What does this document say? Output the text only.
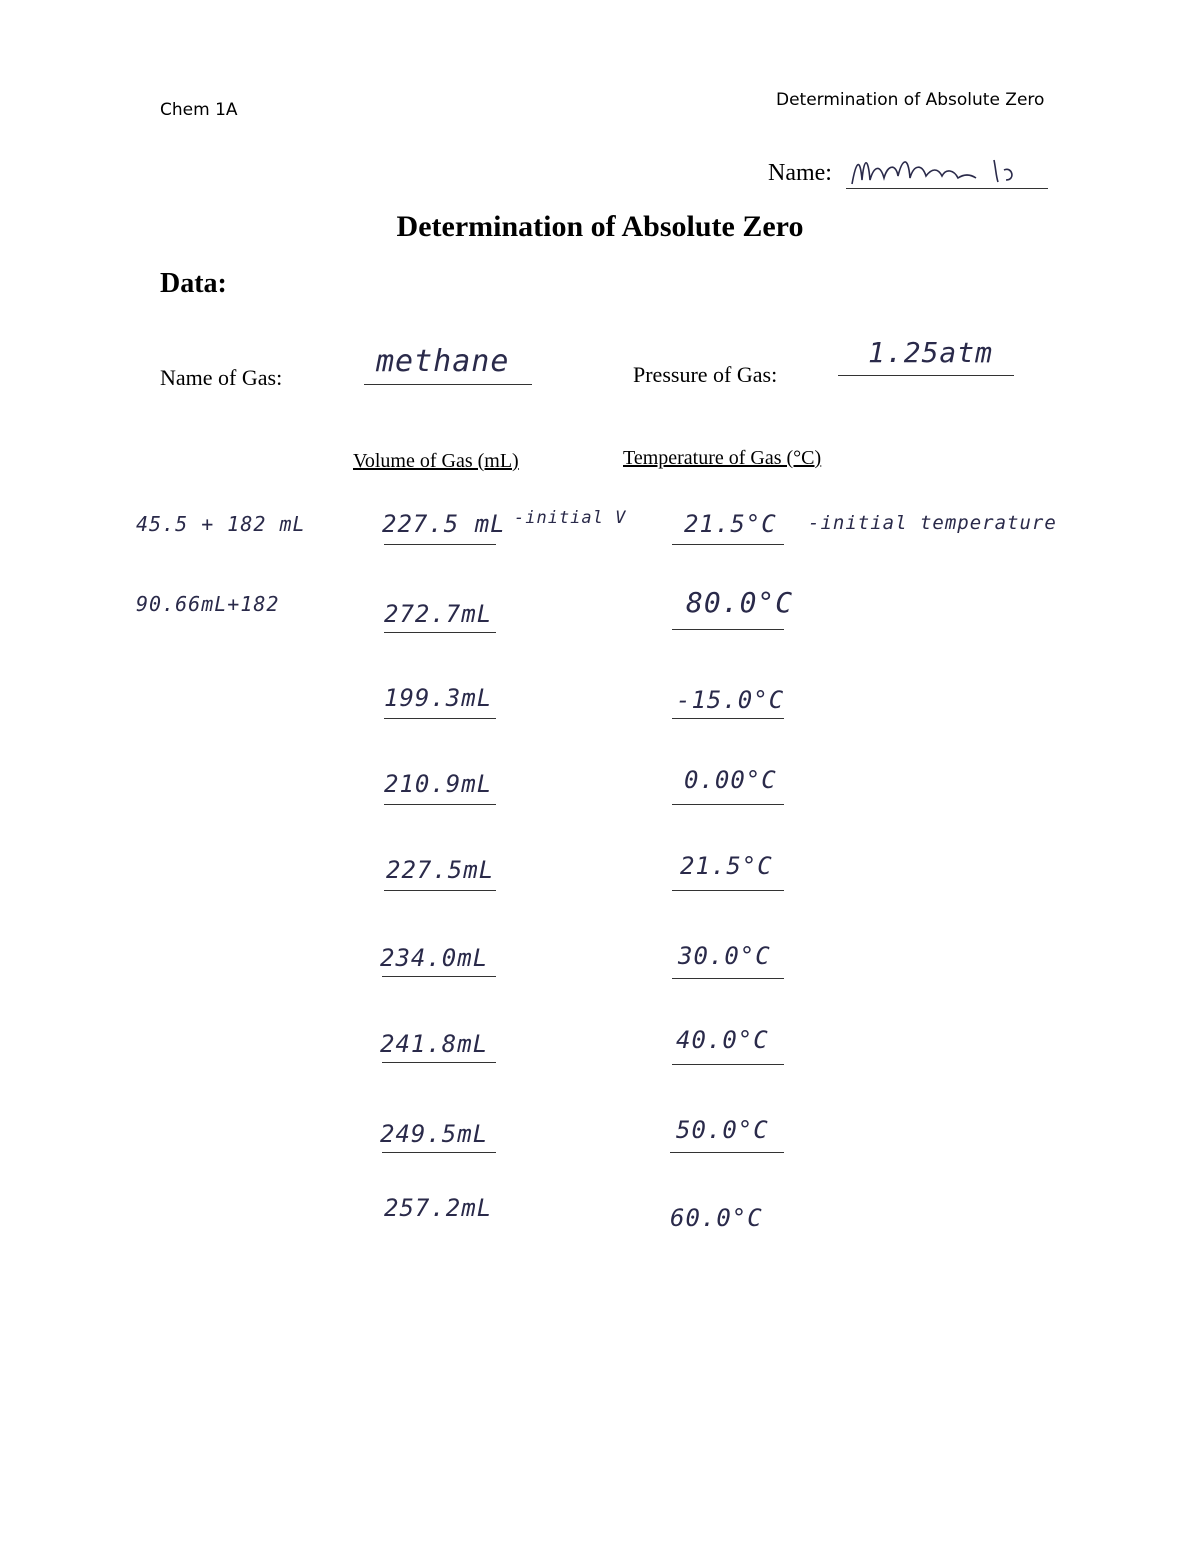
Chem 1A	Determination of Absolute Zero
Name:
Determination of Absolute Zero
Data:
Name of Gas:	methane	Pressure of Gas:
1.25atm
Volume of Gas (mL)	Temperature of Gas (°C)
45.5 + 182 mL
90.66mL+182
-initial V	-initial temperature
227.5 mL	21.5°C
272.7mL	80.0°C
199.3mL	-15.0°C
210.9mL	0.00°C
227.5mL	21.5°C
234.0mL	30.0°C
241.8mL	40.0°C
249.5mL	50.0°C
257.2mL	60.0°C
